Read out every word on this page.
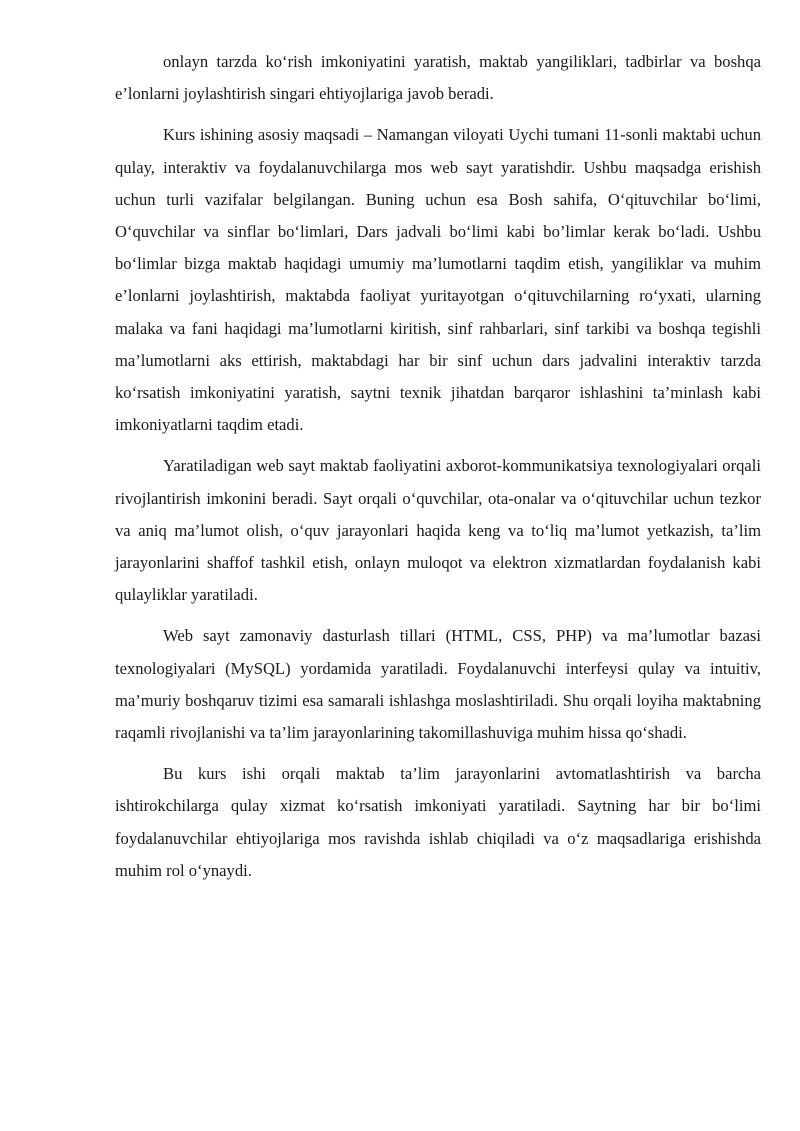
onlayn tarzda ko‘rish imkoniyatini yaratish, maktab yangiliklari, tadbirlar va boshqa e’lonlarni joylashtirish singari ehtiyojlariga javob beradi.

Kurs ishining asosiy maqsadi – Namangan viloyati Uychi tumani 11-sonli maktabi uchun qulay, interaktiv va foydalanuvchilarga mos web sayt yaratishdir. Ushbu maqsadga erishish uchun turli vazifalar belgilangan. Buning uchun esa Bosh sahifa, O‘qituvchilar bo‘limi, O‘quvchilar va sinflar bo‘limlari, Dars jadvali bo‘limi kabi bo’limlar kerak bo‘ladi. Ushbu bo‘limlar bizga maktab haqidagi umumiy ma’lumotlarni taqdim etish, yangiliklar va muhim e’lonlarni joylashtirish, maktabda faoliyat yuritayotgan o‘qituvchilarning ro‘yxati, ularning malaka va fani haqidagi ma’lumotlarni kiritish, sinf rahbarlari, sinf tarkibi va boshqa tegishli ma’lumotlarni aks ettirish, maktabdagi har bir sinf uchun dars jadvalini interaktiv tarzda ko‘rsatish imkoniyatini yaratish, saytni texnik jihatdan barqaror ishlashini ta’minlash kabi imkoniyatlarni taqdim etadi.

Yaratiladigan web sayt maktab faoliyatini axborot-kommunikatsiya texnologiyalari orqali rivojlantirish imkonini beradi. Sayt orqali o‘quvchilar, ota-onalar va o‘qituvchilar uchun tezkor va aniq ma’lumot olish, o‘quv jarayonlari haqida keng va to‘liq ma’lumot yetkazish, ta’lim jarayonlarini shaffof tashkil etish, onlayn muloqot va elektron xizmatlardan foydalanish kabi qulayliklar yaratiladi.

Web sayt zamonaviy dasturlash tillari (HTML, CSS, PHP) va ma’lumotlar bazasi texnologiyalari (MySQL) yordamida yaratiladi. Foydalanuvchi interfeysi qulay va intuitiv, ma’muriy boshqaruv tizimi esa samarali ishlashga moslashtiriladi. Shu orqali loyiha maktabning raqamli rivojlanishi va ta’lim jarayonlarining takomillashuviga muhim hissa qo‘shadi.

Bu kurs ishi orqali maktab ta’lim jarayonlarini avtomatlashtirish va barcha ishtirokchilarga qulay xizmat ko‘rsatish imkoniyati yaratiladi. Saytning har bir bo‘limi foydalanuvchilar ehtiyojlariga mos ravishda ishlab chiqiladi va o‘z maqsadlariga erishishda muhim rol o‘ynaydi.
